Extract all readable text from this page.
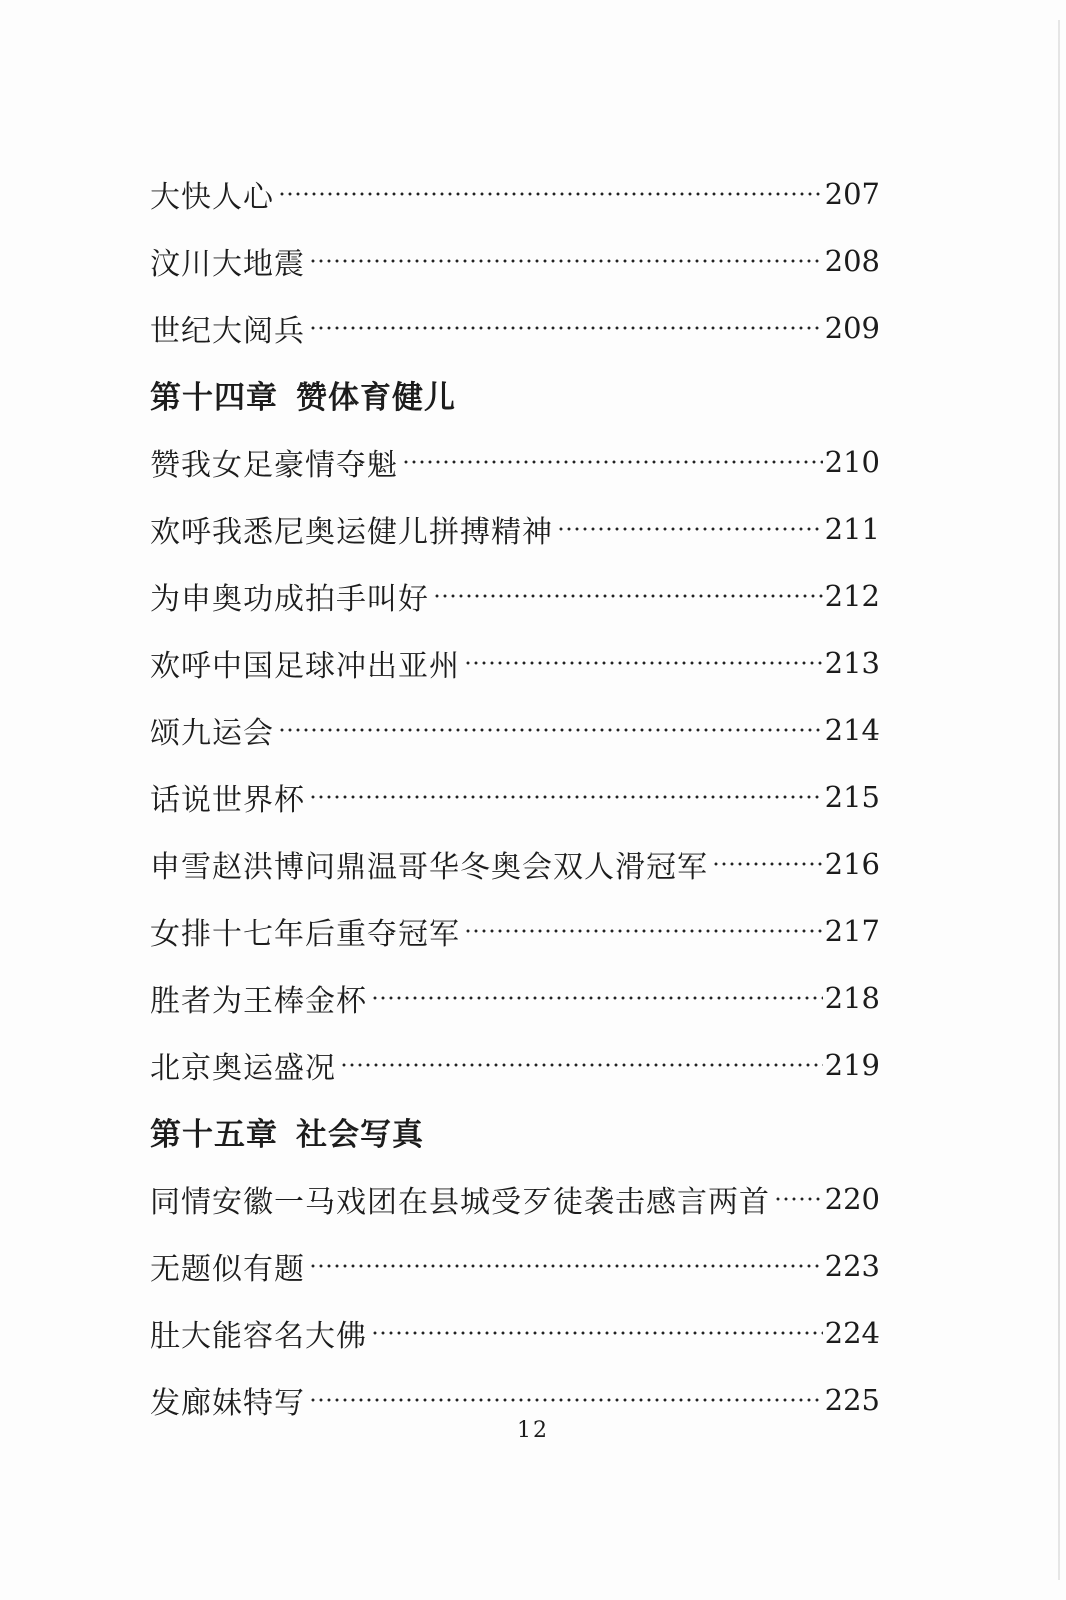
大快人心	207
汶川大地震	208
世纪大阅兵	209
第十四章 赞体育健儿
赞我女足豪情夺魁	210
欢呼我悉尼奥运健儿拼搏精神	211
为申奥功成拍手叫好	212
欢呼中国足球冲出亚州	213
颂九运会	214
话说世界杯	215
申雪赵洪博问鼎温哥华冬奥会双人滑冠军	216
女排十七年后重夺冠军	217
胜者为王棒金杯	218
北京奥运盛况	219
第十五章 社会写真
同情安徽一马戏团在县城受歹徒袭击感言两首 220
无题似有题	223
肚大能容名大佛	224
发廊妹特写	225
12
